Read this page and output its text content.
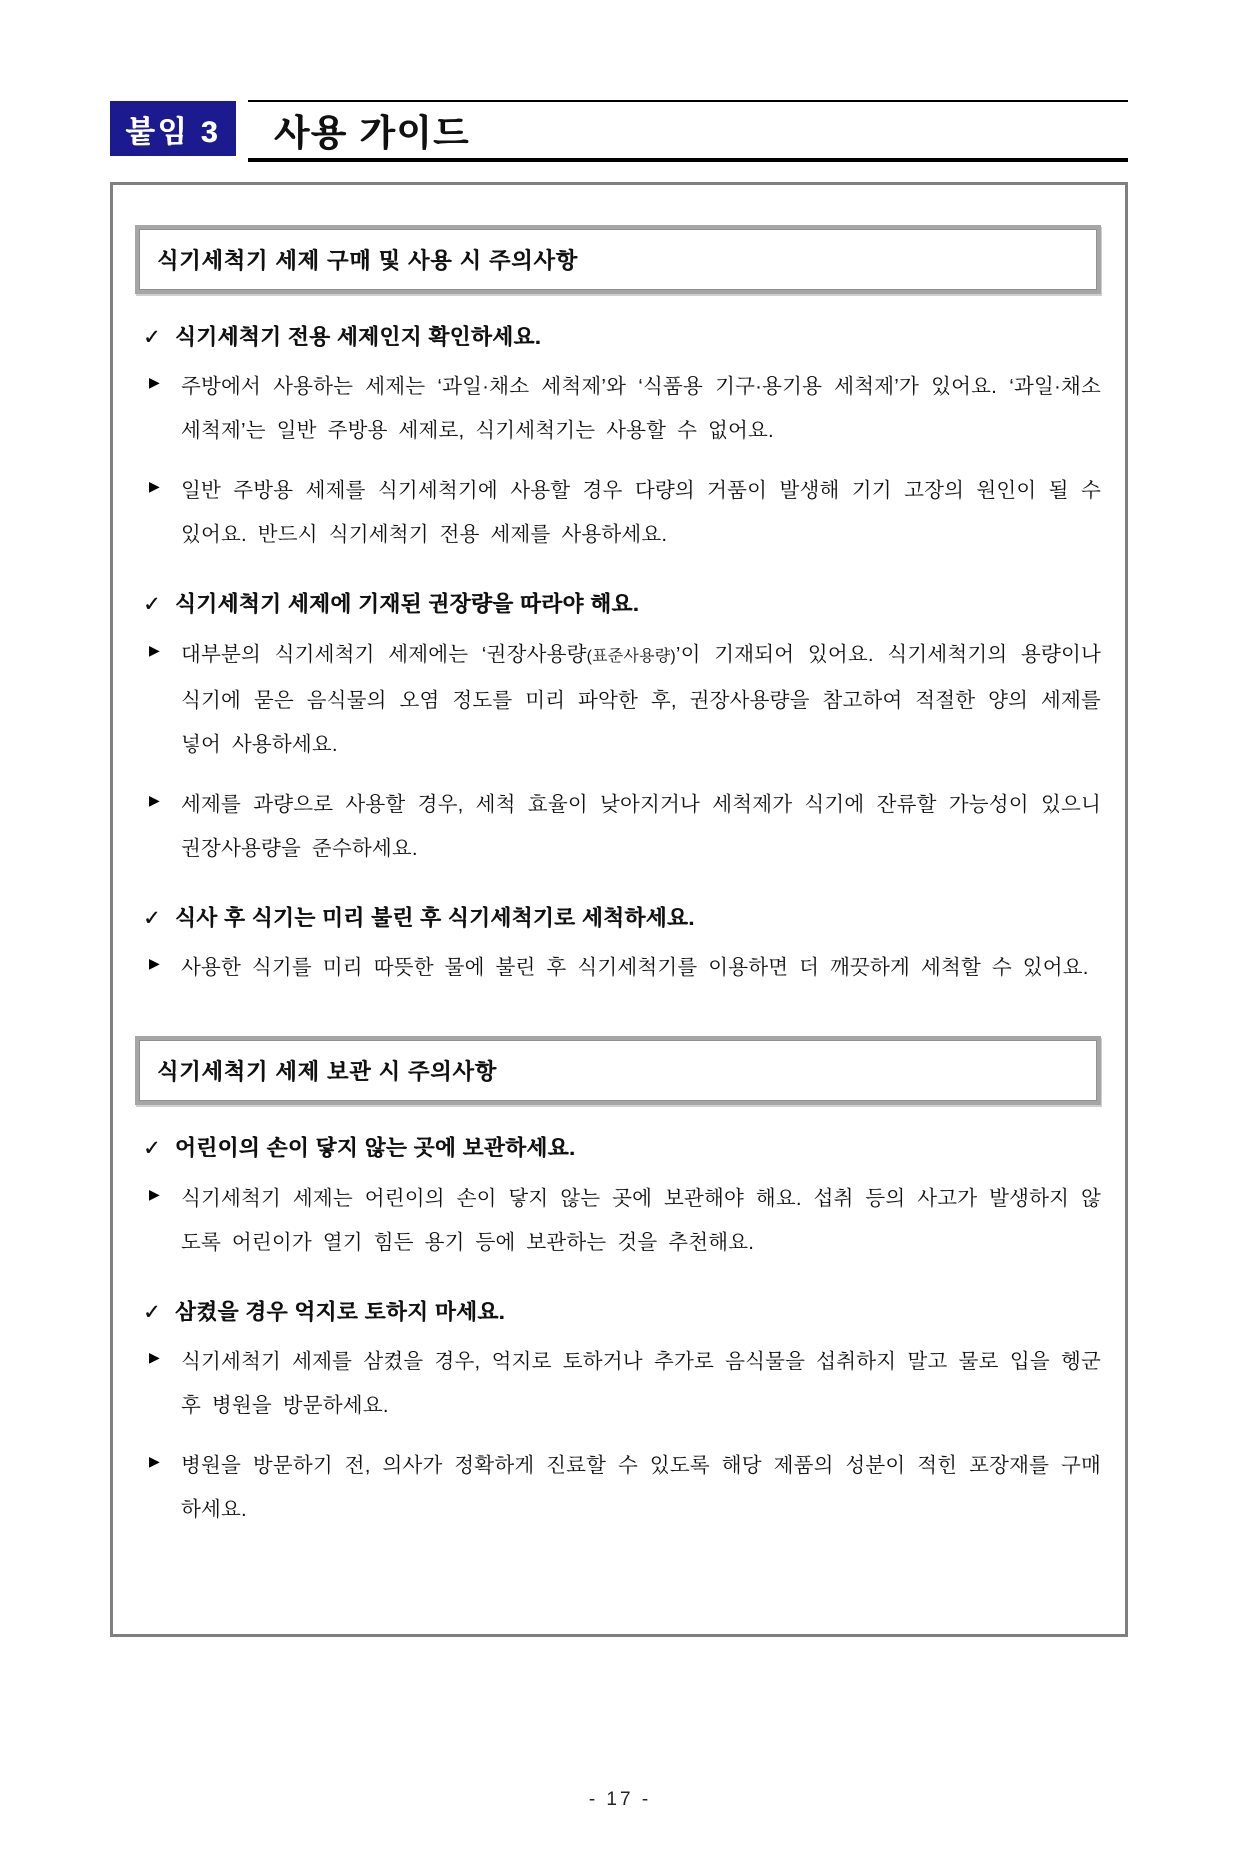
붙임 3 사용 가이드
식기세척기 세제 구매 및 사용 시 주의사항
✓ 식기세척기 전용 세제인지 확인하세요.
▶	주방에서 사용하는 세제는 ‘과일·채소 세척제’와 ‘식품용 기구·용기용 세척제’가 있어요. ‘과일·채소 세척제’는 일반 주방용 세제로, 식기세척기는 사용할 수 없어요.

▶	일반 주방용 세제를 식기세척기에 사용할 경우 다량의 거품이 발생해 기기 고장의 원인이 될 수 있어요. 반드시 식기세척기 전용 세제를 사용하세요.

✓ 식기세척기 세제에 기재된 권장량을 따라야 해요.
▶	대부분의 식기세척기 세제에는 ‘권장사용량(표준사용량)’이 기재되어 있어요. 식기세척기의 용량이나 식기에 묻은 음식물의 오염 정도를 미리 파악한 후, 권장사용량을 참고하여 적절한 양의 세제를 넣어 사용하세요.

▶	세제를 과량으로 사용할 경우, 세척 효율이 낮아지거나 세척제가 식기에 잔류할 가능성이 있으니 권장사용량을 준수하세요.

✓ 식사 후 식기는 미리 불린 후 식기세척기로 세척하세요.
▶	사용한 식기를 미리 따뜻한 물에 불린 후 식기세척기를 이용하면 더 깨끗하게 세척할 수 있어요.

식기세척기 세제 보관 시 주의사항
✓ 어린이의 손이 닿지 않는 곳에 보관하세요.
▶	식기세척기 세제는 어린이의 손이 닿지 않는 곳에 보관해야 해요. 섭취 등의 사고가 발생하지 않도록 어린이가 열기 힘든 용기 등에 보관하는 것을 추천해요.

✓ 삼켰을 경우 억지로 토하지 마세요.
▶	식기세척기 세제를 삼켰을 경우, 억지로 토하거나 추가로 음식물을 섭취하지 말고 물로 입을 헹군 후 병원을 방문하세요.

▶	병원을 방문하기 전, 의사가 정확하게 진료할 수 있도록 해당 제품의 성분이 적힌 포장재를 구매하세요.

- 17 -
